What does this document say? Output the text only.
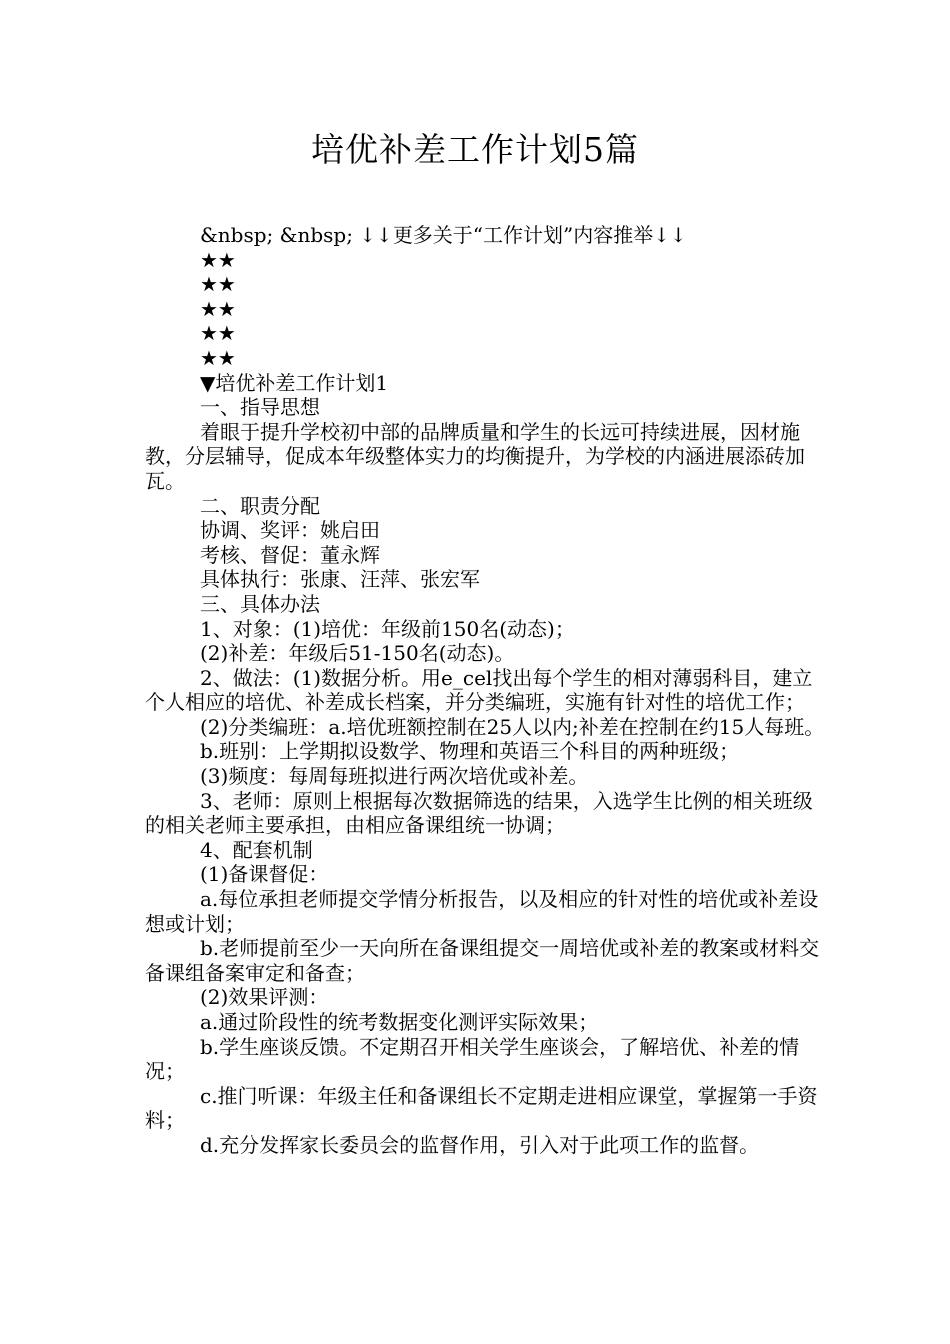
培优补差工作计划5篇

&nbsp; &nbsp; ↓↓更多关于“工作计划”内容推举↓↓

★★

★★

★★

★★

★★

▼培优补差工作计划1

一、指导思想

着眼于提升学校初中部的品牌质量和学生的长远可持续进展，因材施教，分层辅导，促成本年级整体实力的均衡提升，为学校的内涵进展添砖加瓦。

二、职责分配

协调、奖评：姚启田

考核、督促：董永辉

具体执行：张康、汪萍、张宏军

三、具体办法

1、对象：(1)培优：年级前150名(动态)；

(2)补差：年级后51-150名(动态)。

2、做法：(1)数据分析。用e_cel找出每个学生的相对薄弱科目，建立个人相应的培优、补差成长档案，并分类编班，实施有针对性的培优工作；

(2)分类编班：a.培优班额控制在25人以内;补差在控制在约15人每班。

b.班别：上学期拟设数学、物理和英语三个科目的两种班级；

(3)频度：每周每班拟进行两次培优或补差。

3、老师：原则上根据每次数据筛选的结果，入选学生比例的相关班级的相关老师主要承担，由相应备课组统一协调；

4、配套机制

(1)备课督促：

a.每位承担老师提交学情分析报告，以及相应的针对性的培优或补差设想或计划；

b.老师提前至少一天向所在备课组提交一周培优或补差的教案或材料交备课组备案审定和备查；

(2)效果评测：

a.通过阶段性的统考数据变化测评实际效果；

b.学生座谈反馈。不定期召开相关学生座谈会，了解培优、补差的情况；

c.推门听课：年级主任和备课组长不定期走进相应课堂，掌握第一手资料；

d.充分发挥家长委员会的监督作用，引入对于此项工作的监督。
